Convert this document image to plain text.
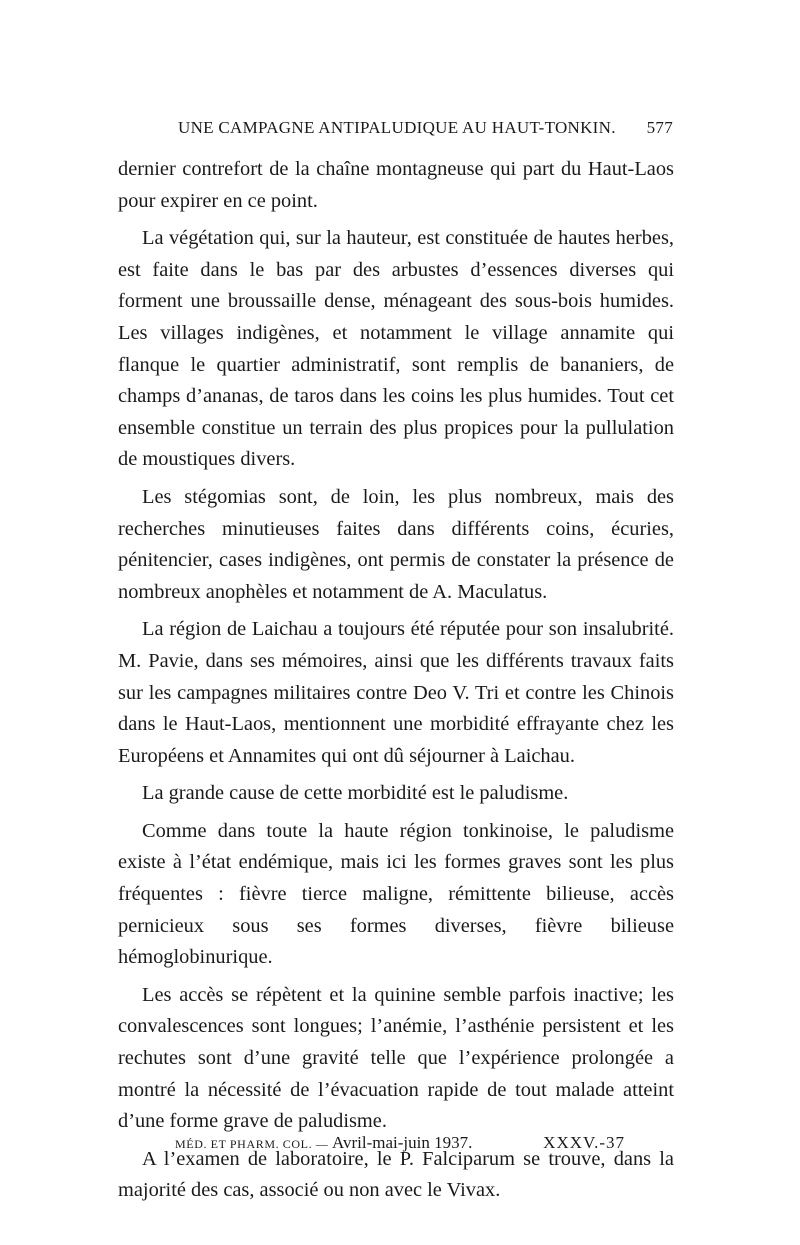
UNE CAMPAGNE ANTIPALUDIQUE AU HAUT-TONKIN. 577

dernier contrefort de la chaîne montagneuse qui part du Haut-Laos pour expirer en ce point.

La végétation qui, sur la hauteur, est constituée de hautes herbes, est faite dans le bas par des arbustes d’essences diverses qui forment une broussaille dense, ménageant des sous-bois humides. Les villages indigènes, et notamment le village annamite qui flanque le quartier administratif, sont remplis de bananiers, de champs d’ananas, de taros dans les coins les plus humides. Tout cet ensemble constitue un terrain des plus propices pour la pullulation de moustiques divers.

Les stégomias sont, de loin, les plus nombreux, mais des recherches minutieuses faites dans différents coins, écuries, pénitencier, cases indigènes, ont permis de constater la présence de nombreux anophèles et notamment de A. Maculatus.

La région de Laichau a toujours été réputée pour son insalubrité. M. Pavie, dans ses mémoires, ainsi que les différents travaux faits sur les campagnes militaires contre Deo V. Tri et contre les Chinois dans le Haut-Laos, mentionnent une morbidité effrayante chez les Européens et Annamites qui ont dû séjourner à Laichau.

La grande cause de cette morbidité est le paludisme.

Comme dans toute la haute région tonkinoise, le paludisme existe à l’état endémique, mais ici les formes graves sont les plus fréquentes : fièvre tierce maligne, rémittente bilieuse, accès pernicieux sous ses formes diverses, fièvre bilieuse hémoglobinurique.

Les accès se répètent et la quinine semble parfois inactive; les convalescences sont longues; l’anémie, l’asthénie persistent et les rechutes sont d’une gravité telle que l’expérience prolongée a montré la nécessité de l’évacuation rapide de tout malade atteint d’une forme grave de paludisme.

A l’examen de laboratoire, le P. Falciparum se trouve, dans la majorité des cas, associé ou non avec le Vivax.

MÉD. ET PHARM. COL. — Avril-mai-juin 1937.	XXXV.-37
